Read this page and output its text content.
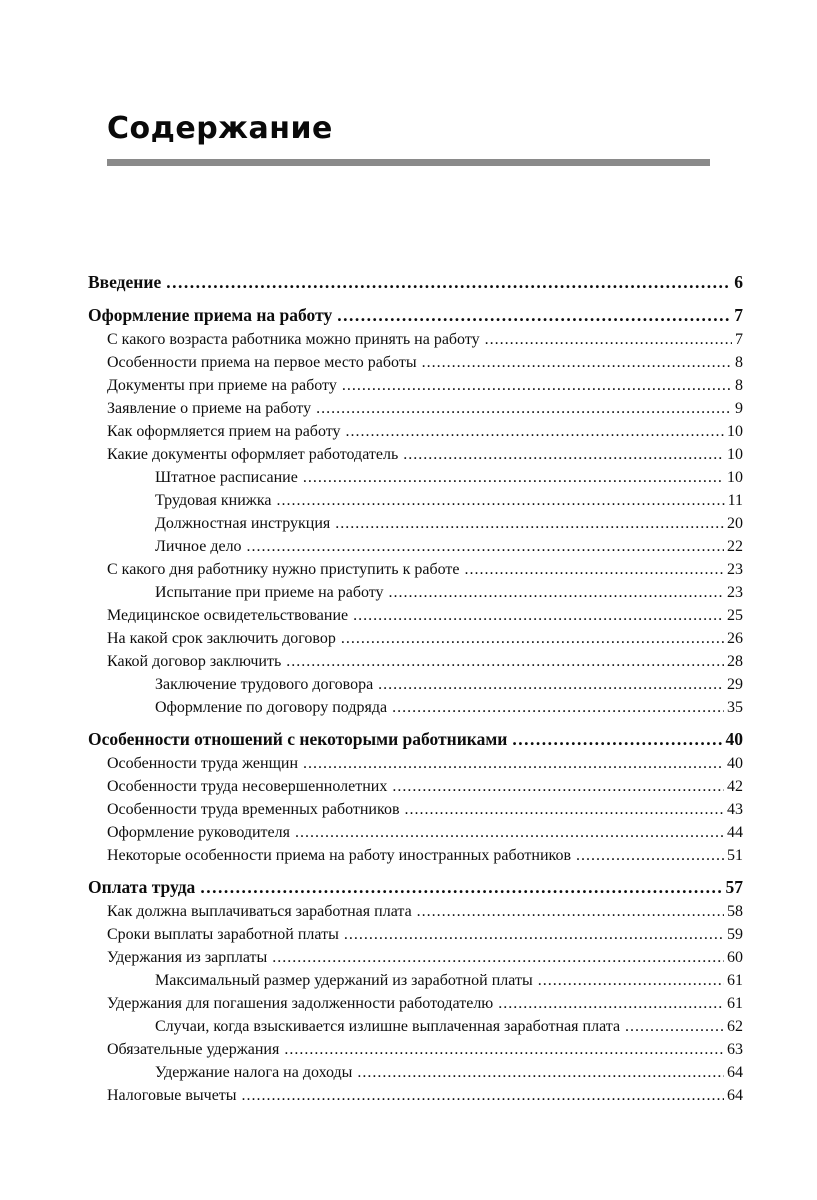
Содержание
Введение .....	6
Оформление приема на работу .....	7
С какого возраста работника можно принять на работу .....	7
Особенности приема на первое место работы .....	8
Документы при приеме на работу .....	8
Заявление о приеме на работу .....	9
Как оформляется прием на работу .....	10
Какие документы оформляет работодатель .....	10
Штатное расписание .....	10
Трудовая книжка .....	11
Должностная инструкция .....	20
Личное дело .....	22
С какого дня работнику нужно приступить к работе .....	23
Испытание при приеме на работу .....	23
Медицинское освидетельствование .....	25
На какой срок заключить договор .....	26
Какой договор заключить .....	28
Заключение трудового договора .....	29
Оформление по договору подряда .....	35
Особенности отношений с некоторыми работниками .....	40
Особенности труда женщин .....	40
Особенности труда несовершеннолетних .....	42
Особенности труда временных работников .....	43
Оформление руководителя .....	44
Некоторые особенности приема на работу иностранных работников .....	51
Оплата труда .....	57
Как должна выплачиваться заработная плата .....	58
Сроки выплаты заработной платы .....	59
Удержания из зарплаты .....	60
Максимальный размер удержаний из заработной платы .....	61
Удержания для погашения задолженности работодателю .....	61
Случаи, когда взыскивается излишне выплаченная заработная плата .....	62
Обязательные удержания .....	63
Удержание налога на доходы .....	64
Налоговые вычеты .....	64
